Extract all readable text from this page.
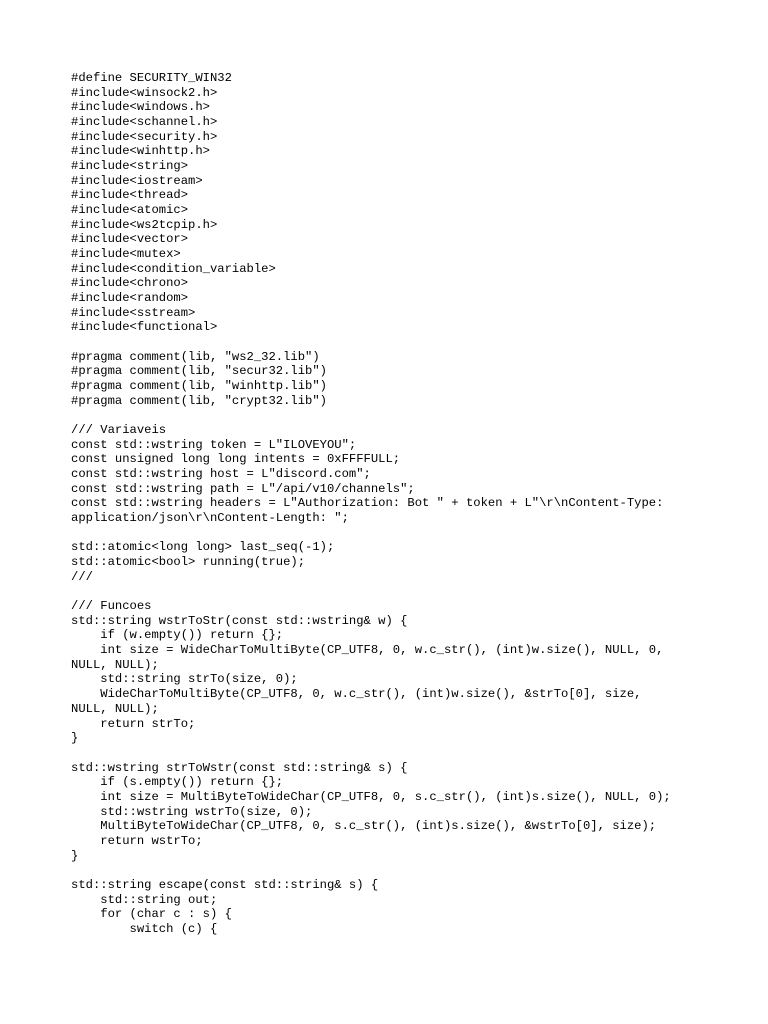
#define SECURITY_WIN32
#include<winsock2.h>
#include<windows.h>
#include<schannel.h>
#include<security.h>
#include<winhttp.h>
#include<string>
#include<iostream>
#include<thread>
#include<atomic>
#include<ws2tcpip.h>
#include<vector>
#include<mutex>
#include<condition_variable>
#include<chrono>
#include<random>
#include<sstream>
#include<functional>
#pragma comment(lib, "ws2_32.lib")
#pragma comment(lib, "secur32.lib")
#pragma comment(lib, "winhttp.lib")
#pragma comment(lib, "crypt32.lib")
/// Variaveis
const std::wstring token = L"ILOVEYOU";
const unsigned long long intents = 0xFFFFULL;
const std::wstring host = L"discord.com";
const std::wstring path = L"/api/v10/channels";
const std::wstring headers = L"Authorization: Bot " + token + L"\r\nContent-Type:
application/json\r\nContent-Length: ";
std::atomic<long long> last_seq(-1);
std::atomic<bool> running(true);
///
/// Funcoes
std::string wstrToStr(const std::wstring& w) {
if (w.empty()) return {};
int size = WideCharToMultiByte(CP_UTF8, 0, w.c_str(), (int)w.size(), NULL, 0,
NULL, NULL);
std::string strTo(size, 0);
WideCharToMultiByte(CP_UTF8, 0, w.c_str(), (int)w.size(), &strTo[0], size,
NULL, NULL);
return strTo;
}
std::wstring strToWstr(const std::string& s) {
if (s.empty()) return {};
int size = MultiByteToWideChar(CP_UTF8, 0, s.c_str(), (int)s.size(), NULL, 0);
std::wstring wstrTo(size, 0);
MultiByteToWideChar(CP_UTF8, 0, s.c_str(), (int)s.size(), &wstrTo[0], size);
return wstrTo;
}
std::string escape(const std::string& s) {
std::string out;
for (char c : s) {
switch (c) {
